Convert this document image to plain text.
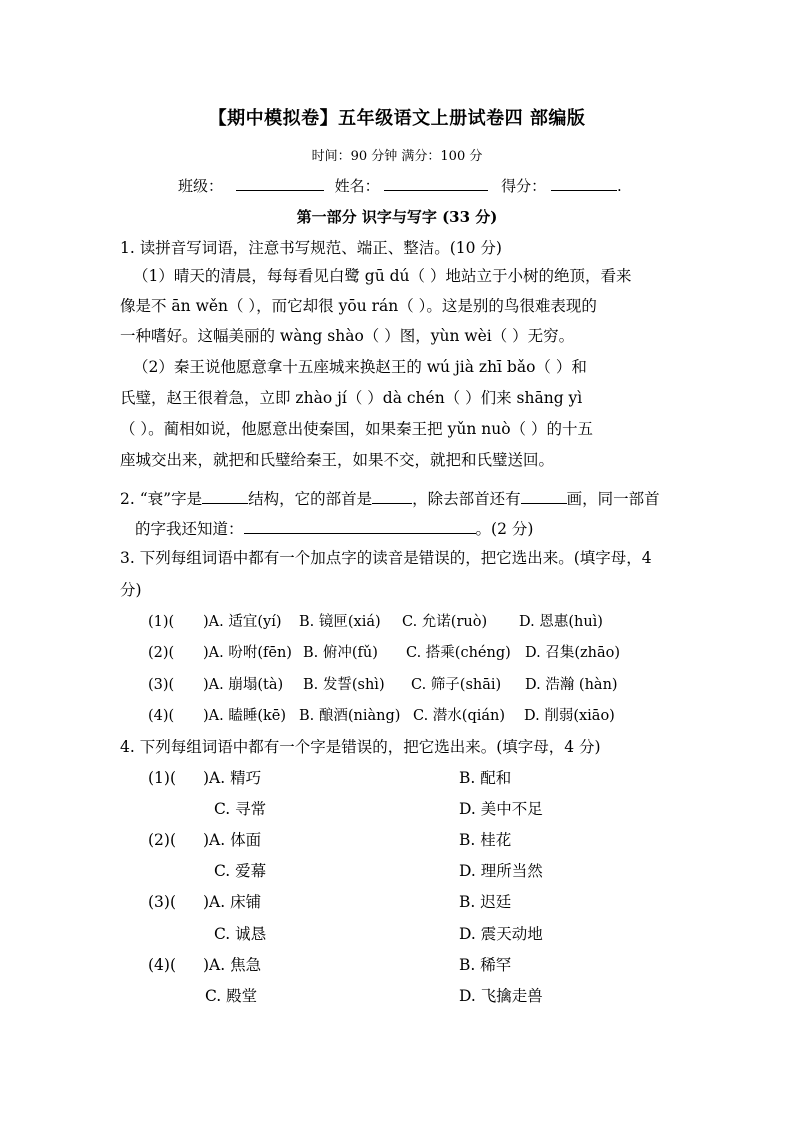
【期中模拟卷】五年级语文上册试卷四 部编版
时间：90 分钟 满分：100 分
班级：	姓名：	得分：	.
第一部分 识字与写字 (33 分)
1. 读拼音写词语，注意书写规范、端正、整洁。(10 分)
（1）晴天的清晨，每每看见白鹭 gū dú（ ）地站立于小树的绝顶，看来
像是不 ān wěn（ ），而它却很 yōu rán（ ）。这是别的鸟很难表现的
一种嗜好。这幅美丽的 wàng shào（ ）图，yùn wèi（ ）无穷。
（2）秦王说他愿意拿十五座城来换赵王的 wú jià zhī bǎo（ ）和
氏璧，赵王很着急，立即 zhào jí（ ）dà chén（ ）们来 shāng yì
（ ）。蔺相如说，他愿意出使秦国，如果秦王把 yǔn nuò（ ）的十五
座城交出来，就把和氏璧给秦王，如果不交，就把和氏璧送回。
2. “衰”字是	结构，它的部首是	，除去部首还有	画，同一部首
的字我还知道：	。(2 分)
3. 下列每组词语中都有一个加点字的读音是错误的，把它选出来。(填字母，4
分)
(1)( )A. 适宜(yí) B. 镜匣(xiá) C. 允诺(ruò) D. 恩惠(huì)
(2)( )A. 吩咐(fēn) B. 俯冲(fǔ) C. 搭乘(chéng) D. 召集(zhāo)
(3)( )A. 崩塌(tà) B. 发誓(shì) C. 筛子(shāi) D. 浩瀚 (hàn)
(4)( )A. 瞌睡(kē) B. 酿酒(niàng) C. 潜水(qián) D. 削弱(xiāo)
4. 下列每组词语中都有一个字是错误的，把它选出来。(填字母，4 分)
(1)( )A. 精巧	B. 配和
C. 寻常	D. 美中不足
(2)( )A. 体面	B. 桂花
C. 爱幕	D. 理所当然
(3)( )A. 床铺	B. 迟廷
C. 诚恳	D. 震天动地
(4)( )A. 焦急	B. 稀罕
C. 殿堂	D. 飞擒走兽
